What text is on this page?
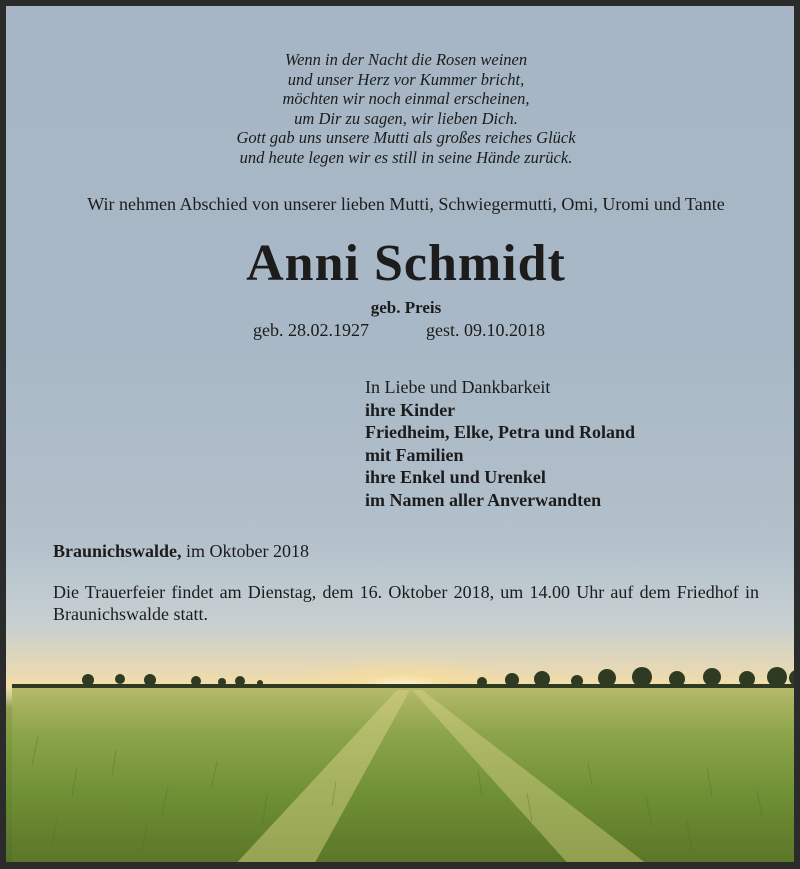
Wenn in der Nacht die Rosen weinen
und unser Herz vor Kummer bricht,
möchten wir noch einmal erscheinen,
um Dir zu sagen, wir lieben Dich.
Gott gab uns unsere Mutti als großes reiches Glück
und heute legen wir es still in seine Hände zurück.
Wir nehmen Abschied von unserer lieben Mutti, Schwiegermutti, Omi, Uromi und Tante
Anni Schmidt
geb. Preis
geb. 28.02.1927	gest. 09.10.2018
In Liebe und Dankbarkeit
ihre Kinder
Friedheim, Elke, Petra und Roland
mit Familien
ihre Enkel und Urenkel
im Namen aller Anverwandten
Braunichswalde, im Oktober 2018
Die Trauerfeier findet am Dienstag, dem 16. Oktober 2018, um 14.00 Uhr auf dem Friedhof in Braunichswalde statt.
